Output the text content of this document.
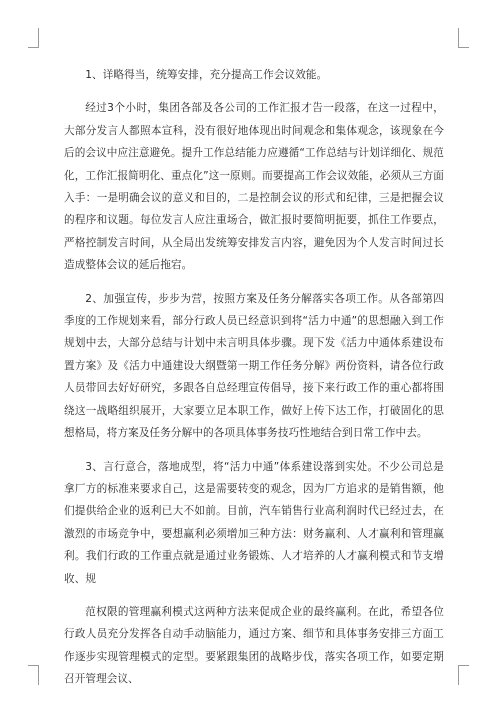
1、详略得当，统筹安排，充分提高工作会议效能。

经过3个小时，集团各部及各公司的工作汇报才告一段落，在这一过程中，大部分发言人都照本宣科，没有很好地体现出时间观念和集体观念，该现象在今后的会议中应注意避免。提升工作总结能力应遵循“工作总结与计划详细化、规范化，工作汇报简明化、重点化”这一原则。而要提高工作会议效能，必须从三方面入手：一是明确会议的意义和目的，二是控制会议的形式和纪律，三是把握会议的程序和议题。每位发言人应注重场合，做汇报时要简明扼要，抓住工作要点，严格控制发言时间，从全局出发统筹安排发言内容，避免因为个人发言时间过长造成整体会议的延后拖宕。

2、加强宣传，步步为营，按照方案及任务分解落实各项工作。从各部第四季度的工作规划来看，部分行政人员已经意识到将“活力中通”的思想融入到工作规划中去，大部分总结与计划中未言明具体步骤。现下发《活力中通体系建设布置方案》及《活力中通建设大纲暨第一期工作任务分解》两份资料，请各位行政人员带回去好好研究，多跟各自总经理宣传倡导，接下来行政工作的重心都将围绕这一战略组织展开，大家要立足本职工作，做好上传下达工作，打破固化的思想格局，将方案及任务分解中的各项具体事务技巧性地结合到日常工作中去。

3、言行意合，落地成型，将“活力中通”体系建设落到实处。不少公司总是拿厂方的标准来要求自己，这是需要转变的观念，因为厂方追求的是销售额，他们提供给企业的返利已大不如前。目前，汽车销售行业高利润时代已经过去，在激烈的市场竞争中，要想赢利必须增加三种方法：财务赢利、人才赢利和管理赢利。我们行政的工作重点就是通过业务锻炼、人才培养的人才赢利模式和节支增收、规

范权限的管理赢利模式这两种方法来促成企业的最终赢利。在此，希望各位行政人员充分发挥各自动手动脑能力，通过方案、细节和具体事务安排三方面工作逐步实现管理模式的定型。要紧跟集团的战略步伐，落实各项工作，如要定期召开管理会议、
